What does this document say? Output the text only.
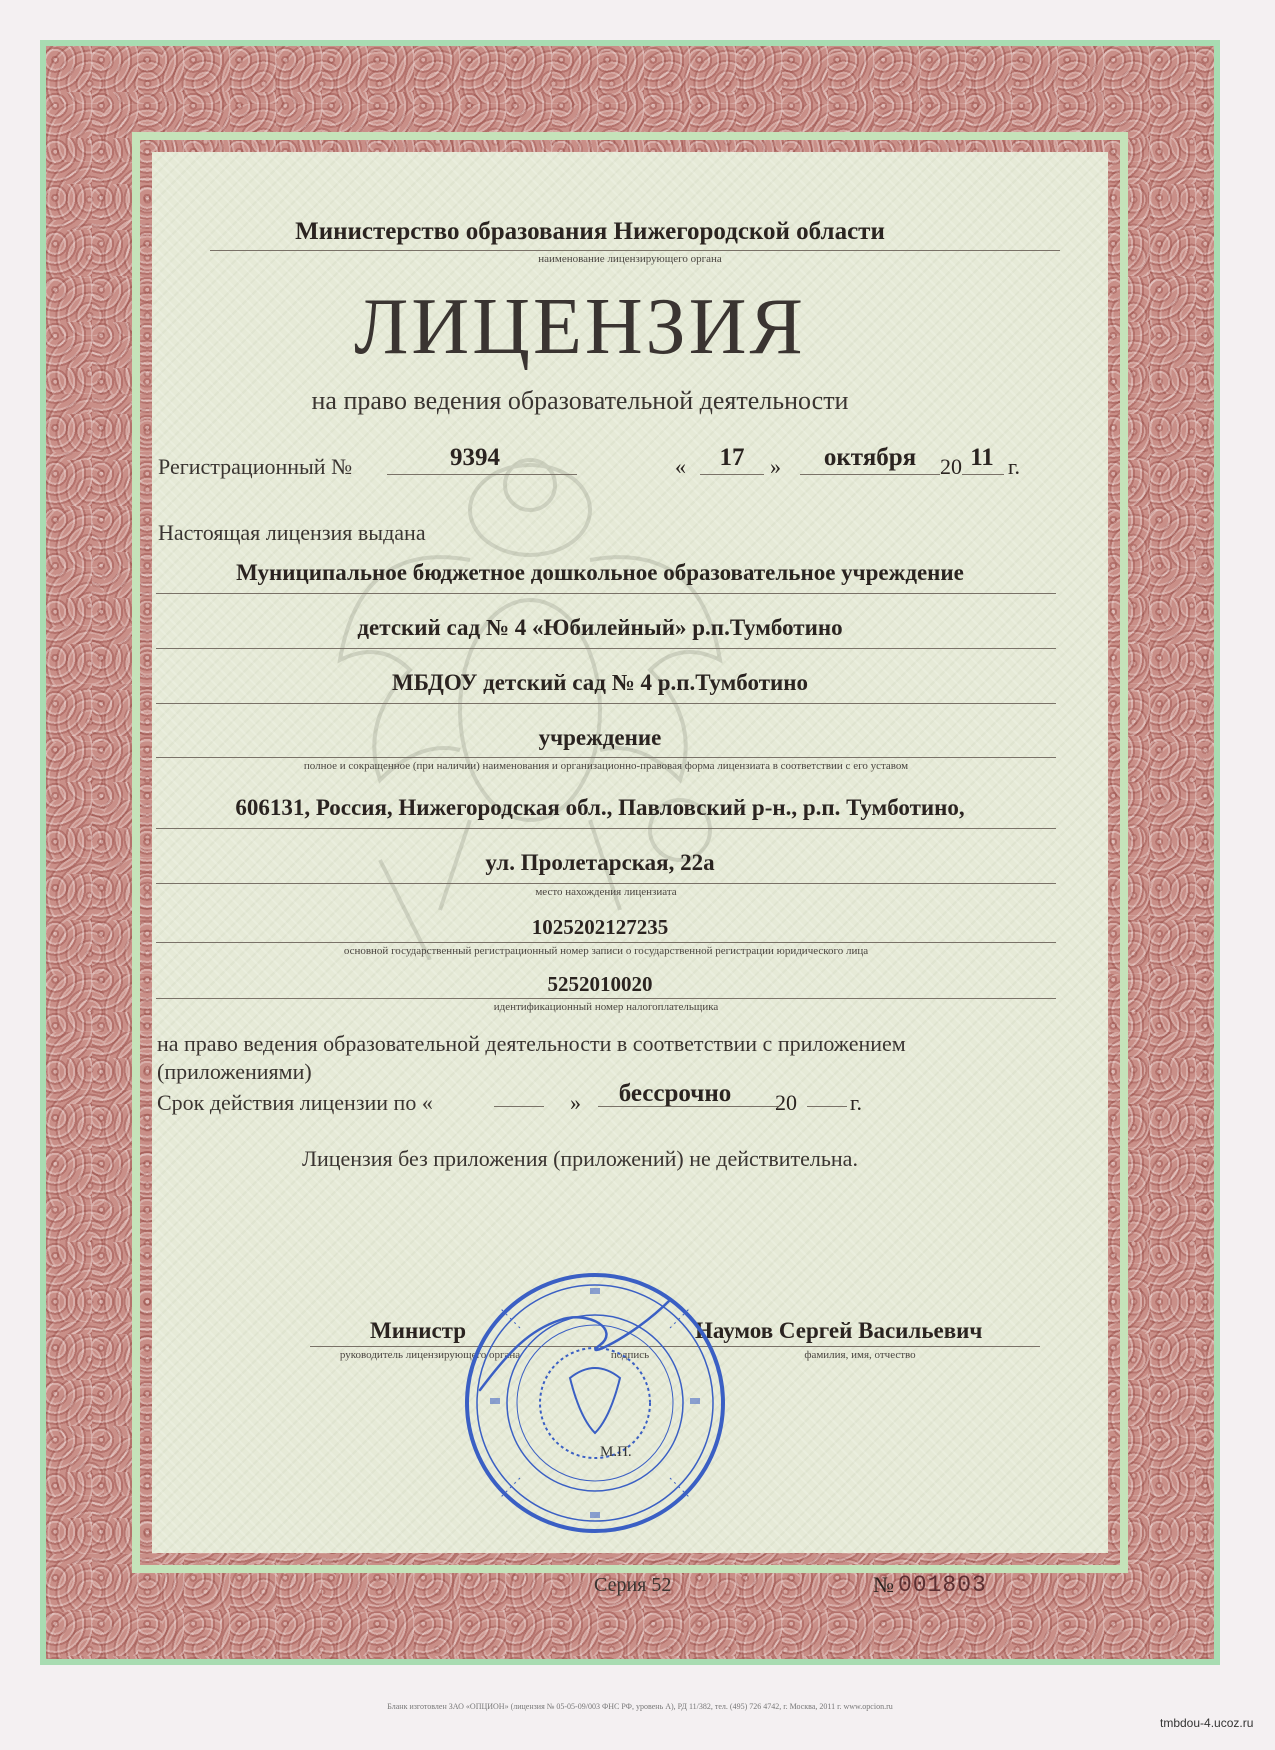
Министерство образования Нижегородской области
наименование лицензирующего органа
ЛИЦЕНЗИЯ
на право ведения образовательной деятельности
Регистрационный №	9394	«	17	»	октября	20 11 г.
Настоящая лицензия выдана
Муниципальное бюджетное дошкольное образовательное учреждение
детский сад № 4 «Юбилейный» р.п.Тумботино
МБДОУ детский сад № 4 р.п.Тумботино
учреждение
полное и сокращенное (при наличии) наименования и организационно-правовая форма лицензиата в соответствии с его уставом
606131, Россия, Нижегородская обл., Павловский р-н., р.п. Тумботино,
ул. Пролетарская, 22а
место нахождения лицензиата
1025202127235
основной государственный регистрационный номер записи о государственной регистрации юридического лица
5252010020
идентификационный номер налогоплательщика
на право ведения образовательной деятельности в соответствии с приложением
(приложениями)
Срок действия лицензии по «	»	бессрочно	20 г.
Лицензия без приложения (приложений) не действительна.
Министр	Наумов Сергей Васильевич
руководитель лицензирующего органа	подпись	фамилия, имя, отчество
М.П.
Серия 52	№ 001803
Бланк изготовлен ЗАО «ОПЦИОН» (лицензия № 05-05-09/003 ФНС РФ, уровень А), РД 11/382, тел. (495) 726 4742, г. Москва, 2011 г. www.opcion.ru
tmbdou-4.ucoz.ru
